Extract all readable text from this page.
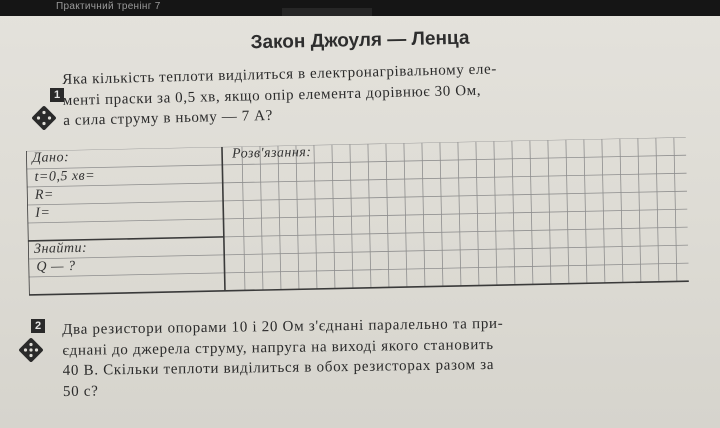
Практичний тренінг 7
Закон Джоуля — Ленца
1
Яка кількість теплоти виділиться в електронагрівальному еле-
менті праски за 0,5 хв, якщо опір елемента дорівнює 30 Ом,
а сила струму в ньому — 7 А?
Дано:
t=0,5 хв=
R=
I=
Знайти:
Q — ?
Розв'язання:
2 Два резистори опорами 10 і 20 Ом з'єднані паралельно та при-
єднані до джерела струму, напруга на виході якого становить
40 В. Скільки теплоти виділиться в обох резисторах разом за
50 с?
